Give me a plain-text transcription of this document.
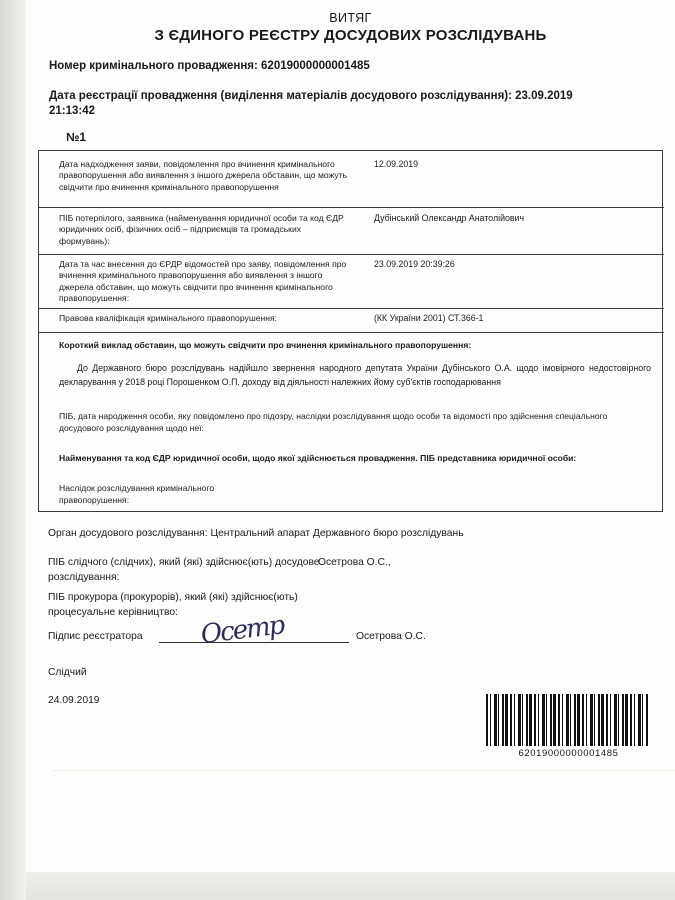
ВИТЯГ
З ЄДИНОГО РЕЄСТРУ ДОСУДОВИХ РОЗСЛІДУВАНЬ
Номер кримінального провадження: 62019000000001485
Дата реєстрації провадження (виділення матеріалів досудового розслідування): 23.09.2019
21:13:42
№1
Дата надходження заяви, повідомлення про вчинення кримінального правопорушення або виявлення з іншого джерела обставин, що можуть свідчити про вчинення кримінального правопорушення
12.09.2019
ПІБ потерпілого, заявника (найменування юридичної особи та код ЄДР юридичних осіб, фізичних осіб – підприємців та громадських формувань):
Дубінський Олександр Анатолійович
Дата та час внесення до ЄРДР відомостей про заяву, повідомлення про вчинення кримінального правопорушення або виявлення з іншого джерела обставин, що можуть свідчити про вчинення кримінального правопорушення:
23.09.2019 20:39:26
Правова кваліфікація кримінального правопорушення:	(КК України 2001) СТ.366-1
Короткий виклад обставин, що можуть свідчити про вчинення кримінального правопорушення:
До Державного бюро розслідувань надійшло звернення народного депутата України Дубінського О.А. щодо імовірного недостовірного декларування у 2018 році Порошенком О.П. доходу від діяльності належних йому суб'єктів господарювання
ПІБ, дата народження особи, яку повідомлено про підозру, наслідки розслідування щодо особи та відомості про здійснення спеціального досудового розслідування щодо неї:
Найменування та код ЄДР юридичної особи, щодо якої здійснюється провадження. ПІБ представника юридичної особи:
Наслідок розслідування кримінального правопорушення:
Орган досудового розслідування: Центральний апарат Державного бюро розслідувань
ПІБ слідчого (слідчих), який (які) здійснює(ють) досудове
Осетрова О.С.,
розслідування:
ПІБ прокурора (прокурорів), який (які) здійснює(ють)
процесуальне керівництво:
Підпис реєстратора Осетр	Осетрова О.С.
Слідчий
24.09.2019
62019000000001485
